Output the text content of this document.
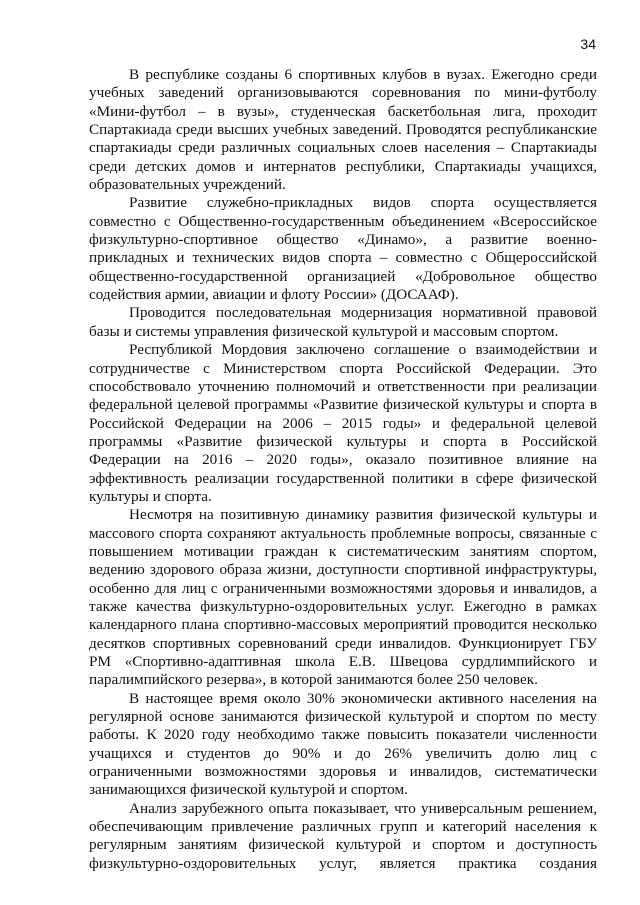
34

В республике созданы 6 спортивных клубов в вузах. Ежегодно среди учебных заведений организовываются соревнования по мини-футболу «Мини-футбол – в вузы», студенческая баскетбольная лига, проходит Спартакиада среди высших учебных заведений. Проводятся республиканские спартакиады среди различных социальных слоев населения – Спартакиады среди детских домов и интернатов республики, Спартакиады учащихся, образовательных учреждений.

Развитие служебно-прикладных видов спорта осуществляется совместно с Общественно-государственным объединением «Всероссийское физкультурно-спортивное общество «Динамо», а развитие военно-прикладных и технических видов спорта – совместно с Общероссийской общественно-государственной организацией «Добровольное общество содействия армии, авиации и флоту России» (ДОСААФ).

Проводится последовательная модернизация нормативной правовой базы и системы управления физической культурой и массовым спортом.

Республикой Мордовия заключено соглашение о взаимодействии и сотрудничестве с Министерством спорта Российской Федерации. Это способствовало уточнению полномочий и ответственности при реализации федеральной целевой программы «Развитие физической культуры и спорта в Российской Федерации на 2006 – 2015 годы» и федеральной целевой программы «Развитие физической культуры и спорта в Российской Федерации на 2016 – 2020 годы», оказало позитивное влияние на эффективность реализации государственной политики в сфере физической культуры и спорта.

Несмотря на позитивную динамику развития физической культуры и массового спорта сохраняют актуальность проблемные вопросы, связанные с повышением мотивации граждан к систематическим занятиям спортом, ведению здорового образа жизни, доступности спортивной инфраструктуры, особенно для лиц с ограниченными возможностями здоровья и инвалидов, а также качества физкультурно-оздоровительных услуг. Ежегодно в рамках календарного плана спортивно-массовых мероприятий проводится несколько десятков спортивных соревнований среди инвалидов. Функционирует ГБУ РМ «Спортивно-адаптивная школа Е.В. Швецова сурдлимпийского и паралимпийского резерва», в которой занимаются более 250 человек.

В настоящее время около 30% экономически активного населения на регулярной основе занимаются физической культурой и спортом по месту работы. К 2020 году необходимо также повысить показатели численности учащихся и студентов до 90% и до 26% увеличить долю лиц с ограниченными возможностями здоровья и инвалидов, систематически занимающихся физической культурой и спортом.

Анализ зарубежного опыта показывает, что универсальным решением, обеспечивающим привлечение различных групп и категорий населения к регулярным занятиям физической культурой и спортом и доступность физкультурно-оздоровительных услуг, является практика создания
